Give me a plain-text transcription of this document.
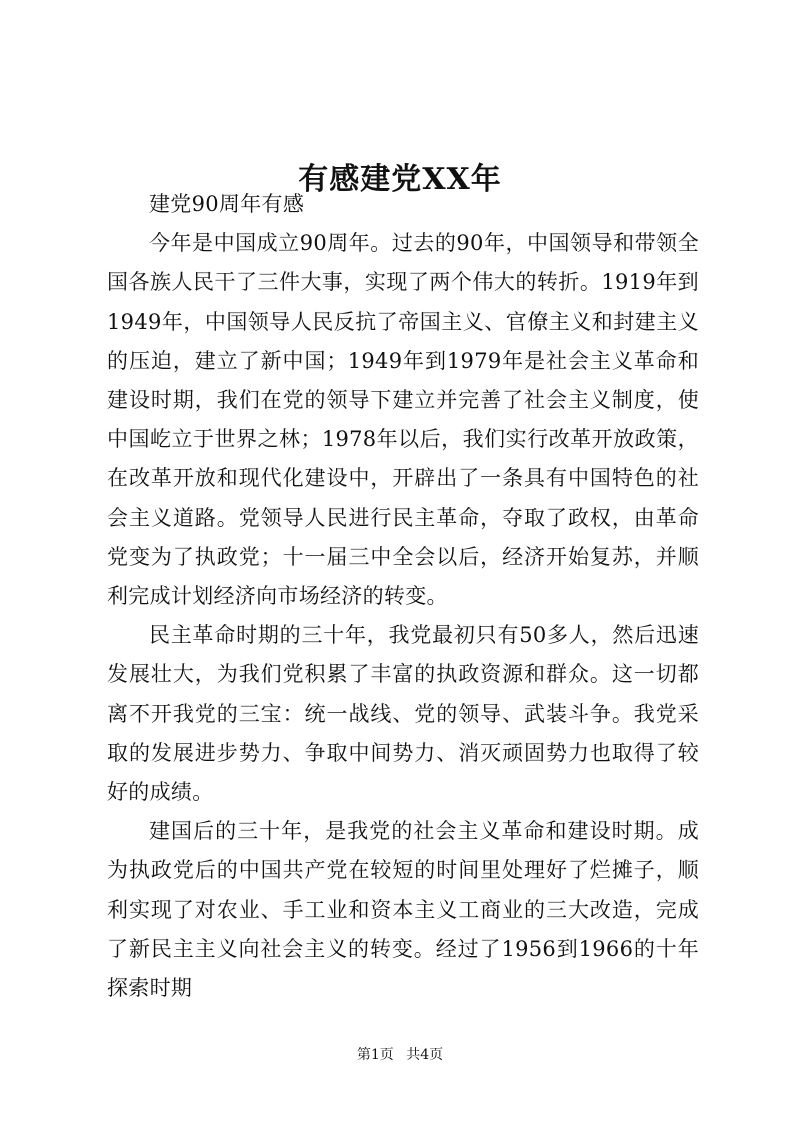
有感建党XX年

建党90周年有感

今年是中国成立90周年。过去的90年，中国领导和带领全国各族人民干了三件大事，实现了两个伟大的转折。1919年到1949年，中国领导人民反抗了帝国主义、官僚主义和封建主义的压迫，建立了新中国；1949年到1979年是社会主义革命和建设时期，我们在党的领导下建立并完善了社会主义制度，使中国屹立于世界之林；1978年以后，我们实行改革开放政策，在改革开放和现代化建设中，开辟出了一条具有中国特色的社会主义道路。党领导人民进行民主革命，夺取了政权，由革命党变为了执政党；十一届三中全会以后，经济开始复苏，并顺利完成计划经济向市场经济的转变。

民主革命时期的三十年，我党最初只有50多人，然后迅速发展壮大，为我们党积累了丰富的执政资源和群众。这一切都离不开我党的三宝：统一战线、党的领导、武装斗争。我党采取的发展进步势力、争取中间势力、消灭顽固势力也取得了较好的成绩。

建国后的三十年，是我党的社会主义革命和建设时期。成为执政党后的中国共产党在较短的时间里处理好了烂摊子，顺利实现了对农业、手工业和资本主义工商业的三大改造，完成了新民主主义向社会主义的转变。经过了1956到1966的十年探索时期

第1页 共4页
